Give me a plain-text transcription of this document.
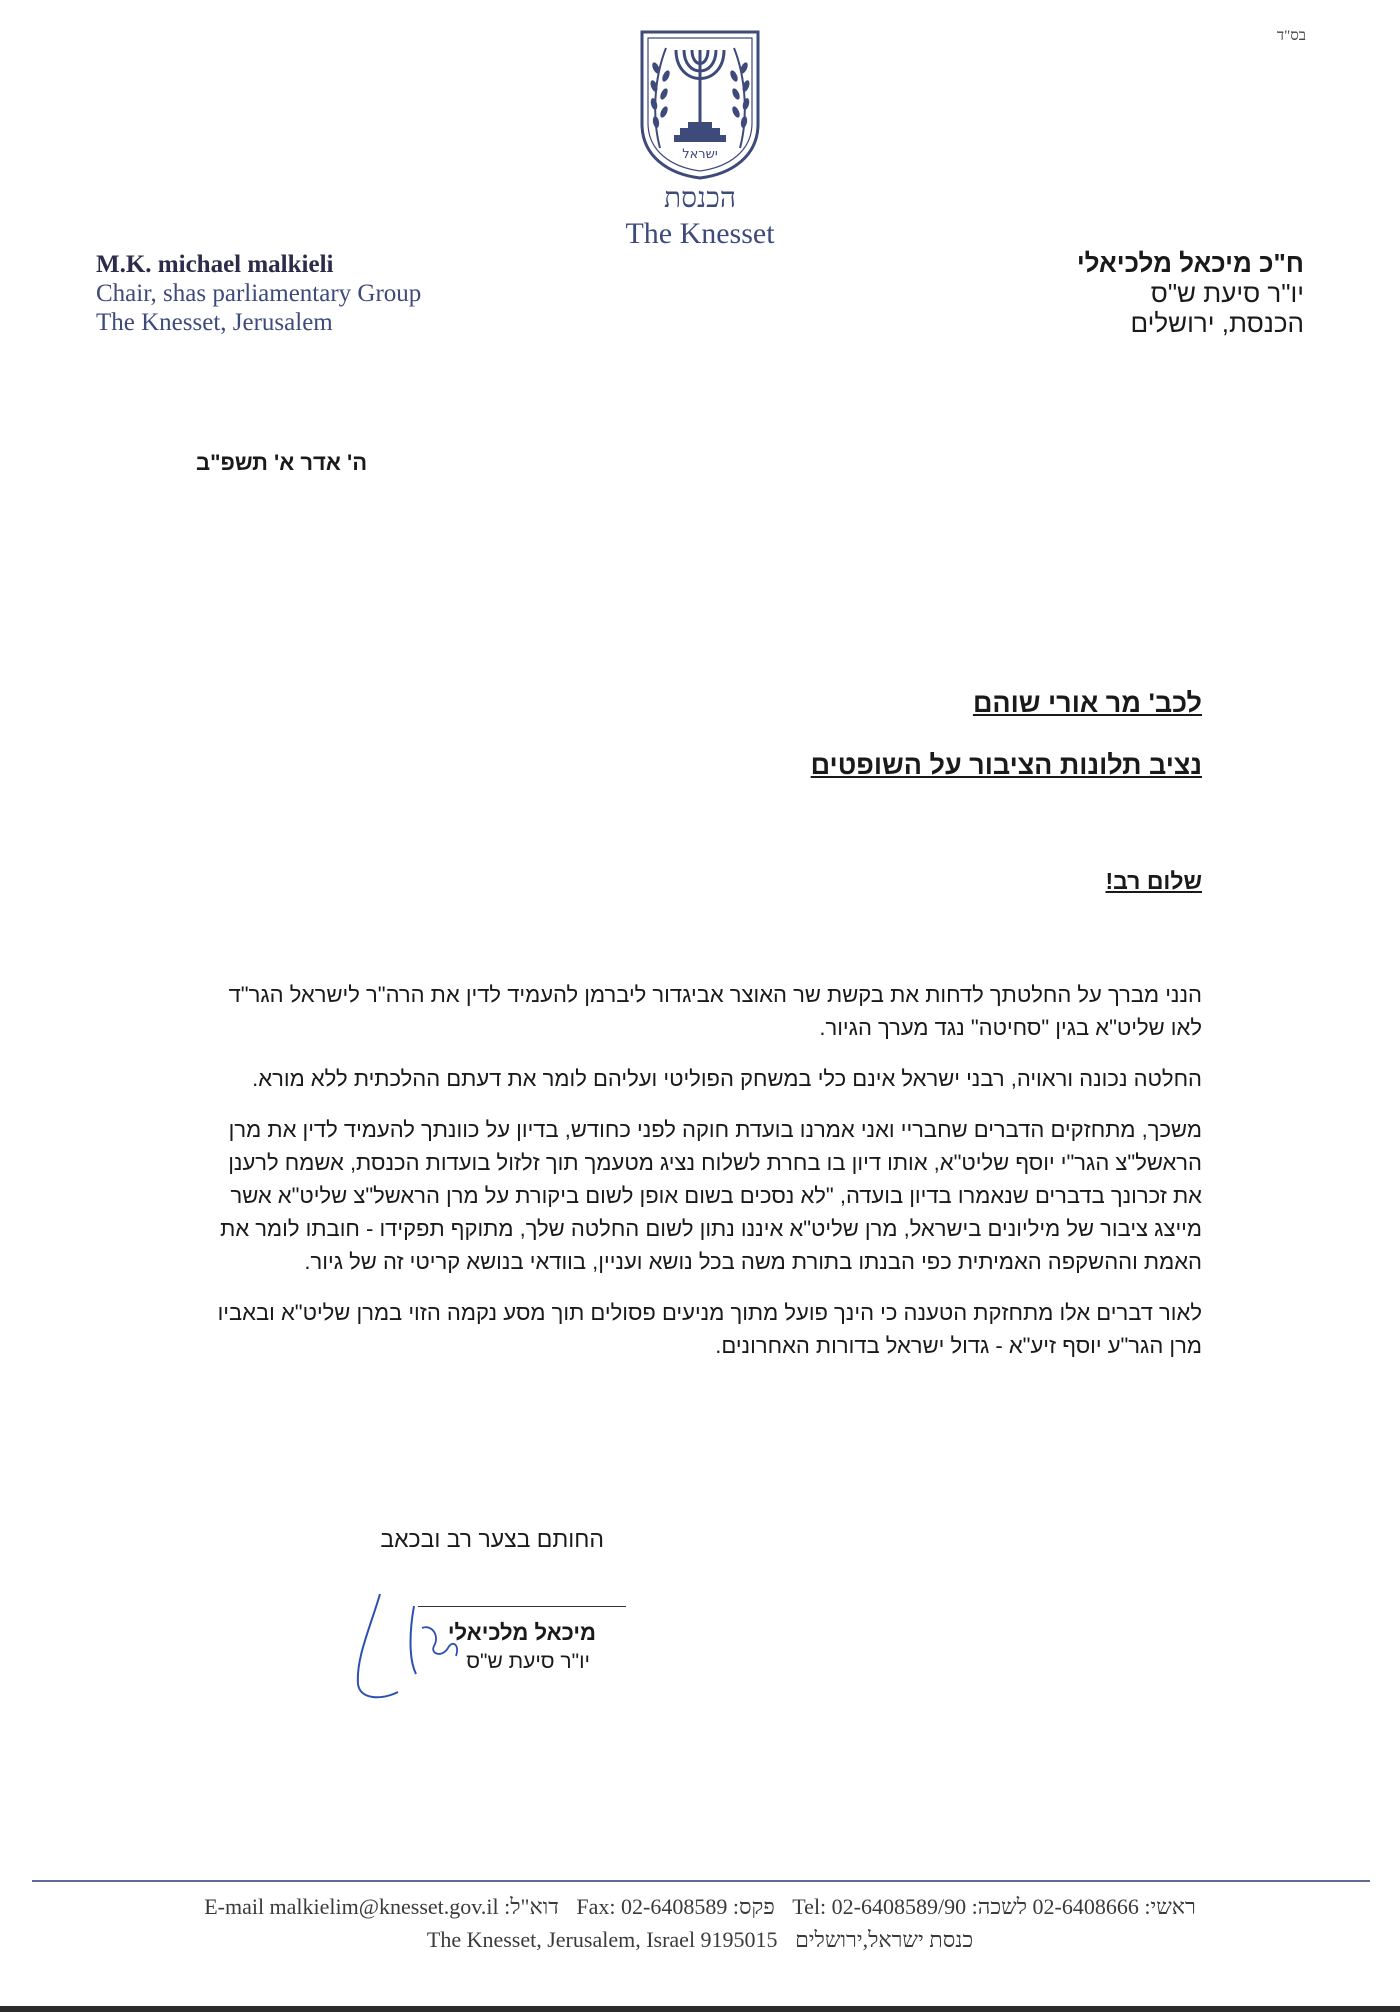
בס"ד
ישראל
הכנסת
The Knesset
M.K. michael malkieli
Chair, shas parliamentary Group
The Knesset, Jerusalem
ח"כ מיכאל מלכיאלי
יו"ר סיעת ש"ס
הכנסת, ירושלים
ה' אדר א' תשפ"ב
לכב' מר אורי שוהם
נציב תלונות הציבור על השופטים
שלום רב!

הנני מברך על החלטתך לדחות את בקשת שר האוצר אביגדור ליברמן להעמיד לדין את הרה"ר לישראל הגר"ד לאו שליט"א בגין "סחיטה" נגד מערך הגיור.

החלטה נכונה וראויה, רבני ישראל אינם כלי במשחק הפוליטי ועליהם לומר את דעתם ההלכתית ללא מורא.

משכך, מתחזקים הדברים שחבריי ואני אמרנו בועדת חוקה לפני כחודש, בדיון על כוונתך להעמיד לדין את מרן הראשל"צ הגר"י יוסף שליט"א, אותו דיון בו בחרת לשלוח נציג מטעמך תוך זלזול בועדות הכנסת, אשמח לרענן את זכרונך בדברים שנאמרו בדיון בועדה, "לא נסכים בשום אופן לשום ביקורת על מרן הראשל"צ שליט"א אשר מייצג ציבור של מיליונים בישראל, מרן שליט"א איננו נתון לשום החלטה שלך, מתוקף תפקידו - חובתו לומר את האמת וההשקפה האמיתית כפי הבנתו בתורת משה בכל נושא ועניין, בוודאי בנושא קריטי זה של גיור.

לאור דברים אלו מתחזקת הטענה כי הינך פועל מתוך מניעים פסולים תוך מסע נקמה הזוי במרן שליט"א ובאביו מרן הגר"ע יוסף זיע"א - גדול ישראל בדורות האחרונים.

החותם בצער רב ובכאב
מיכאל מלכיאלי
יו"ר סיעת ש"ס
E-mail malkielim@knesset.gov.il :דוא"ל Fax: 02-6408589 :פקס Tel: 02-6408589/90 :ראשי: 02-6408666 לשכה
The Knesset, Jerusalem, Israel 9195015 כנסת ישראל,ירושלים
